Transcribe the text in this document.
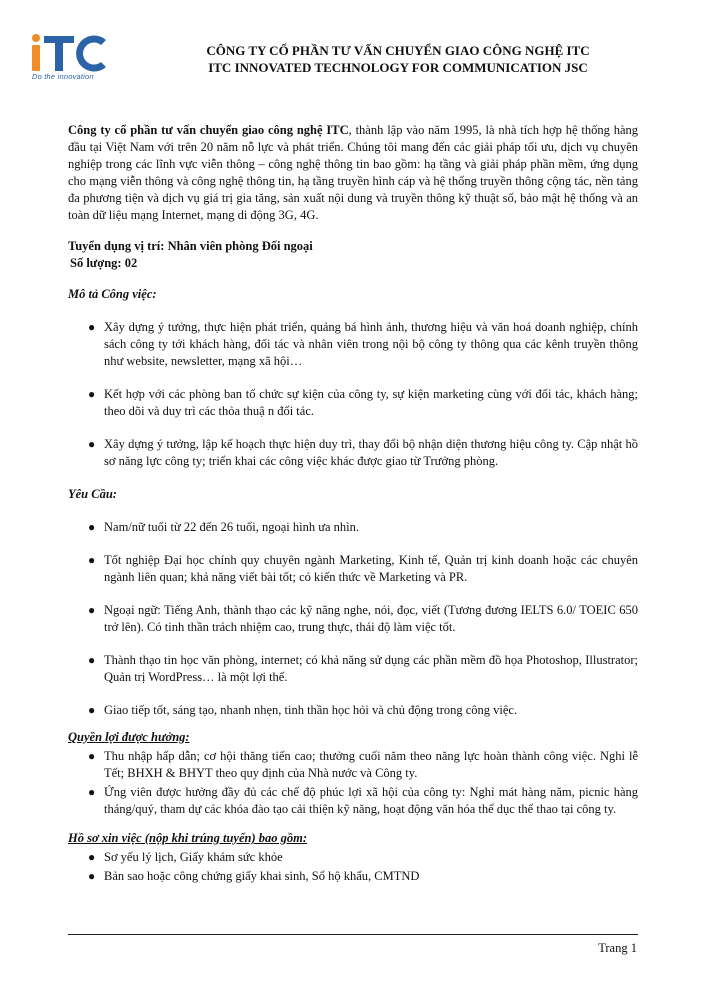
Do the innovation
CÔNG TY CỔ PHẦN TƯ VẤN CHUYỂN GIAO CÔNG NGHỆ ITC
ITC INNOVATED TECHNOLOGY FOR COMMUNICATION JSC

Công ty cổ phần tư vấn chuyển giao công nghệ ITC, thành lập vào năm 1995, là nhà tích hợp hệ thống hàng đầu tại Việt Nam với trên 20 năm nỗ lực và phát triển. Chúng tôi mang đến các giải pháp tối ưu, dịch vụ chuyên nghiệp trong các lĩnh vực viễn thông – công nghệ thông tin bao gồm: hạ tầng và giải pháp phần mềm, ứng dụng cho mạng viễn thông và công nghệ thông tin, hạ tầng truyền hình cáp và hệ thống truyền thông cộng tác, nền tảng đa phương tiện và dịch vụ giá trị gia tăng, sản xuất nội dung và truyền thông kỹ thuật số, bảo mật hệ thống và an toàn dữ liệu mạng Internet, mạng di động 3G, 4G.

Tuyển dụng vị trí: Nhân viên phòng Đối ngoại

Số lượng: 02

Mô tả Công việc:

● Xây dựng ý tưởng, thực hiện phát triển, quảng bá hình ảnh, thương hiệu và văn hoá doanh nghiệp, chính sách công ty tới khách hàng, đối tác và nhân viên trong nội bộ công ty thông qua các kênh truyền thông như website, newsletter, mạng xã hội…
● Kết hợp với các phòng ban tổ chức sự kiện của công ty, sự kiện marketing cùng với đối tác, khách hàng; theo dõi và duy trì các thỏa thuậ n đối tác.
● Xây dựng ý tưởng, lập kế hoạch thực hiện duy trì, thay đổi bộ nhận diện thương hiệu công ty. Cập nhật hồ sơ năng lực công ty; triển khai các công việc khác được giao từ Trưởng phòng.

Yêu Cầu:

● Nam/nữ tuổi từ 22 đến 26 tuổi, ngoại hình ưa nhìn.
● Tốt nghiệp Đại học chính quy chuyên ngành Marketing, Kinh tế, Quản trị kinh doanh hoặc các chuyên ngành liên quan; khả năng viết bài tốt; có kiến thức về Marketing và PR.
● Ngoại ngữ: Tiếng Anh, thành thạo các kỹ năng nghe, nói, đọc, viết (Tương đương IELTS 6.0/ TOEIC 650 trở lên). Có tinh thần trách nhiệm cao, trung thực, thái độ làm việc tốt.
● Thành thạo tin học văn phòng, internet; có khả năng sử dụng các phần mềm đồ họa Photoshop, Illustrator; Quản trị WordPress… là một lợi thế.
● Giao tiếp tốt, sáng tạo, nhanh nhẹn, tinh thần học hỏi và chủ động trong công việc.

Quyền lợi được hưởng:

● Thu nhập hấp dẫn; cơ hội thăng tiến cao; thưởng cuối năm theo năng lực hoàn thành công việc. Nghỉ lễ Tết; BHXH & BHYT theo quy định của Nhà nước và Công ty.
● Ứng viên được hưởng đầy đủ các chế độ phúc lợi xã hội của công ty: Nghỉ mát hàng năm, picnic hàng tháng/quý, tham dự các khóa đào tạo cải thiện kỹ năng, hoạt động văn hóa thể dục thể thao tại công ty.

Hồ sơ xin việc (nộp khi trúng tuyển) bao gồm:

● Sơ yếu lý lịch, Giấy khám sức khỏe
● Bản sao hoặc công chứng giấy khai sinh, Sổ hộ khẩu, CMTND
Trang 1
